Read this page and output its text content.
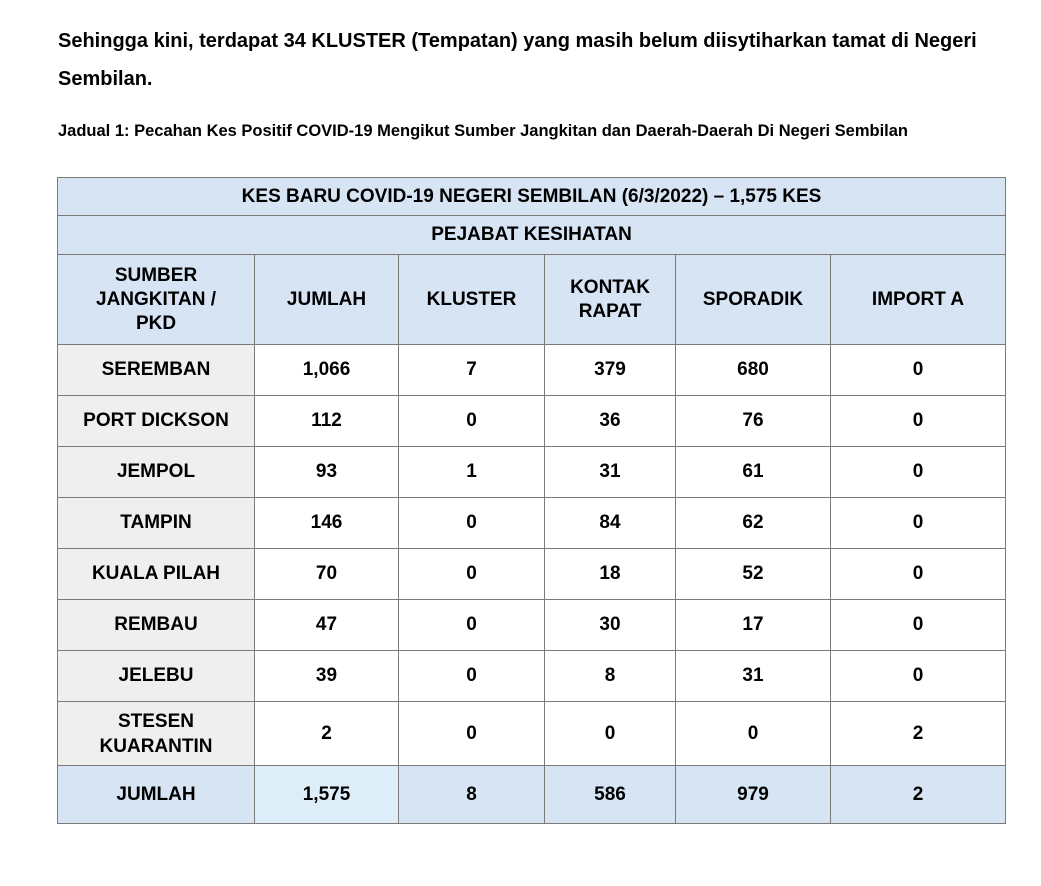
Sehingga kini, terdapat 34 KLUSTER (Tempatan) yang masih belum diisytiharkan tamat di Negeri Sembilan.

Jadual 1: Pecahan Kes Positif COVID-19 Mengikut Sumber Jangkitan dan Daerah-Daerah Di Negeri Sembilan

KES BARU COVID-19 NEGERI SEMBILAN (6/3/2022) – 1,575 KES					
PEJABAT KESIHATAN					
SUMBER JANGKITAN / PKD	JUMLAH	KLUSTER	KONTAK RAPAT	SPORADIK	IMPORT A
SEREMBAN	1,066	7	379	680	0
PORT DICKSON	112	0	36	76	0
JEMPOL	93	1	31	61	0
TAMPIN	146	0	84	62	0
KUALA PILAH	70	0	18	52	0
REMBAU	47	0	30	17	0
JELEBU	39	0	8	31	0
STESEN KUARANTIN	2	0	0	0	2
JUMLAH	1,575	8	586	979	2
